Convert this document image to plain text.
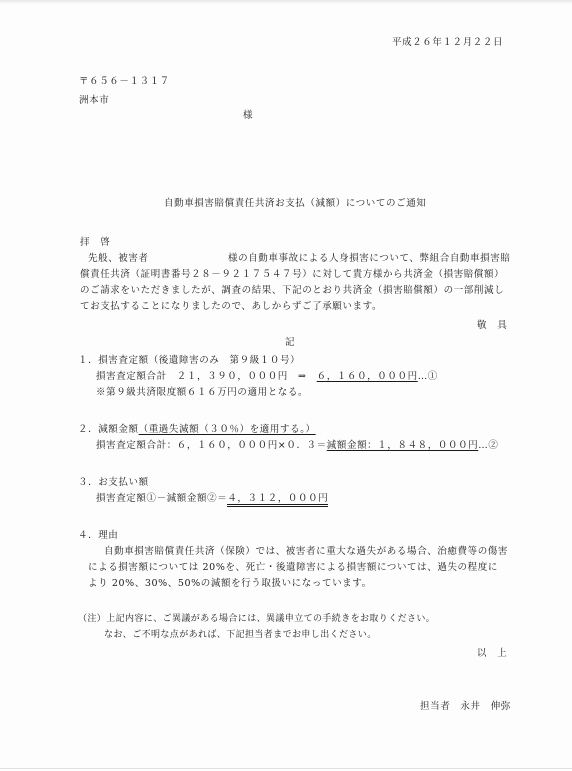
平成２６年１２月２２日
〒６５６－１３１７
洲本市
様
自動車損害賠償責任共済お支払（減額）についてのご通知
拝　啓
先般、被害者	様の自動車事故による人身損害について、弊組合自動車損害賠
償責任共済（証明書番号２８－９２１７５４７号）に対して貴方様から共済金（損害賠償額）
のご請求をいただきましたが、調査の結果、下記のとおり共済金（損害賠償額）の一部削減し
てお支払することになりましたので、あしからずご了承願います。
敬　具
記
１．損害査定額（後遺障害のみ　第９級１０号）
損害査定額合計　２１，３９０，０００円　⇒　６，１６０，０００円…①
※第９級共済限度額６１６万円の適用となる。
２．減額金額（重過失減額（３０％）を適用する。）
損害査定額合計：６，１６０，０００円×０．３＝減額金額：１，８４８，０００円…②
３．お支払い額
損害査定額①－減額金額②＝４，３１２，０００円
４．理由
自動車損害賠償責任共済（保険）では、被害者に重大な過失がある場合、治癒費等の傷害
による損害額については 20%を、死亡・後遺障害による損害額については、過失の程度に
より 20%、30%、50%の減額を行う取扱いになっています。
（注）上記内容に、ご異議がある場合には、異議申立ての手続きをお取りください。
なお、ご不明な点があれば、下記担当者までお申し出ください。
以　上
担当者　永井　伸弥
